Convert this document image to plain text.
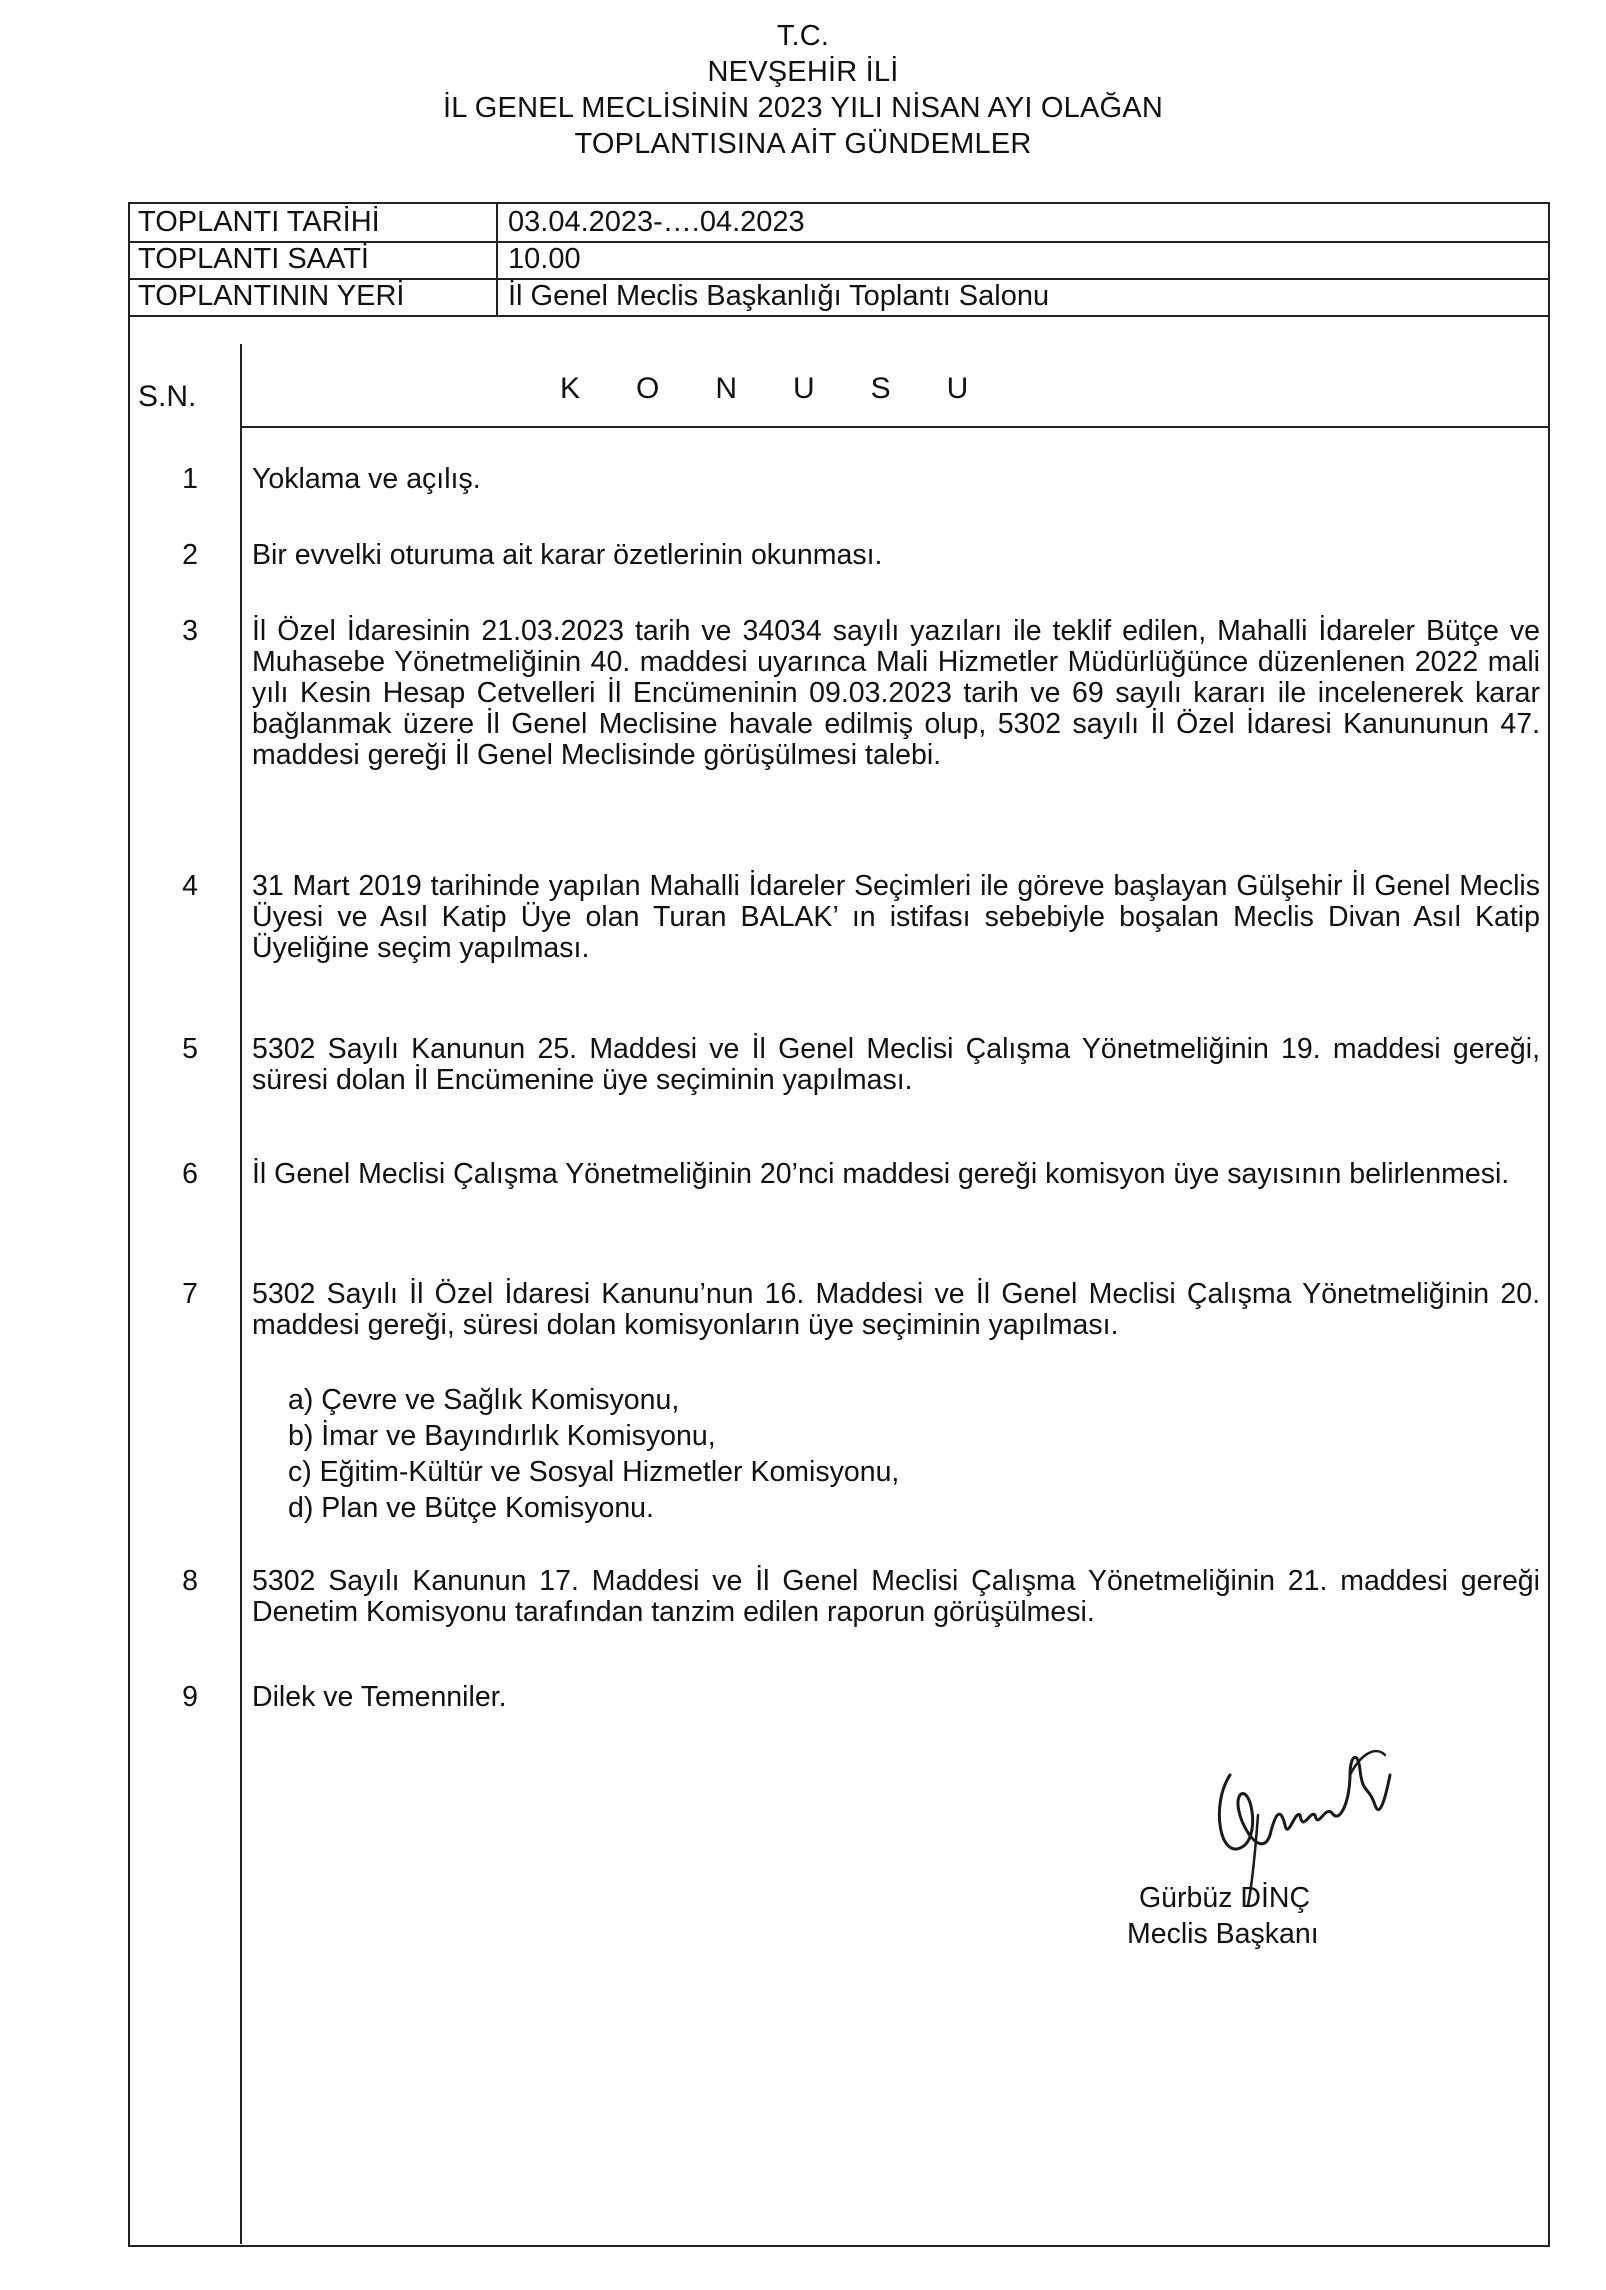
T.C.
NEVŞEHİR İLİ
İL GENEL MECLİSİNİN 2023 YILI NİSAN AYI OLAĞAN
TOPLANTISINA AİT GÜNDEMLER
TOPLANTI TARİHİ	03.04.2023-….04.2023
TOPLANTI SAATİ	10.00
TOPLANTININ YERİ	İl Genel Meclis Başkanlığı Toplantı Salonu
S.N.	KONUSU
1	Yoklama ve açılış.
2	Bir evvelki oturuma ait karar özetlerinin okunması.
3	İl Özel İdaresinin 21.03.2023 tarih ve 34034 sayılı yazıları ile teklif edilen, Mahalli İdareler Bütçe ve Muhasebe Yönetmeliğinin 40. maddesi uyarınca Mali Hizmetler Müdürlüğünce düzenlenen 2022 mali yılı Kesin Hesap Cetvelleri İl Encümeninin 09.03.2023 tarih ve 69 sayılı kararı ile incelenerek karar bağlanmak üzere İl Genel Meclisine havale edilmiş olup, 5302 sayılı İl Özel İdaresi Kanununun 47. maddesi gereği İl Genel Meclisinde görüşülmesi talebi.
4	31 Mart 2019 tarihinde yapılan Mahalli İdareler Seçimleri ile göreve başlayan Gülşehir İl Genel Meclis Üyesi ve Asıl Katip Üye olan Turan BALAK’ ın istifası sebebiyle boşalan Meclis Divan Asıl Katip Üyeliğine seçim yapılması.
5	5302 Sayılı Kanunun 25. Maddesi ve İl Genel Meclisi Çalışma Yönetmeliğinin 19. maddesi gereği, süresi dolan İl Encümenine üye seçiminin yapılması.
6	İl Genel Meclisi Çalışma Yönetmeliğinin 20’nci maddesi gereği komisyon üye sayısının belirlenmesi.
7	5302 Sayılı İl Özel İdaresi Kanunu’nun 16. Maddesi ve İl Genel Meclisi Çalışma Yönetmeliğinin 20. maddesi gereği, süresi dolan komisyonların üye seçiminin yapılması.
a) Çevre ve Sağlık Komisyonu,
b) İmar ve Bayındırlık Komisyonu,
c) Eğitim-Kültür ve Sosyal Hizmetler Komisyonu,
d) Plan ve Bütçe Komisyonu.
8	5302 Sayılı Kanunun 17. Maddesi ve İl Genel Meclisi Çalışma Yönetmeliğinin 21. maddesi gereği Denetim Komisyonu tarafından tanzim edilen raporun görüşülmesi.
9	Dilek ve Temenniler.
Gürbüz DİNÇ
Meclis Başkanı
